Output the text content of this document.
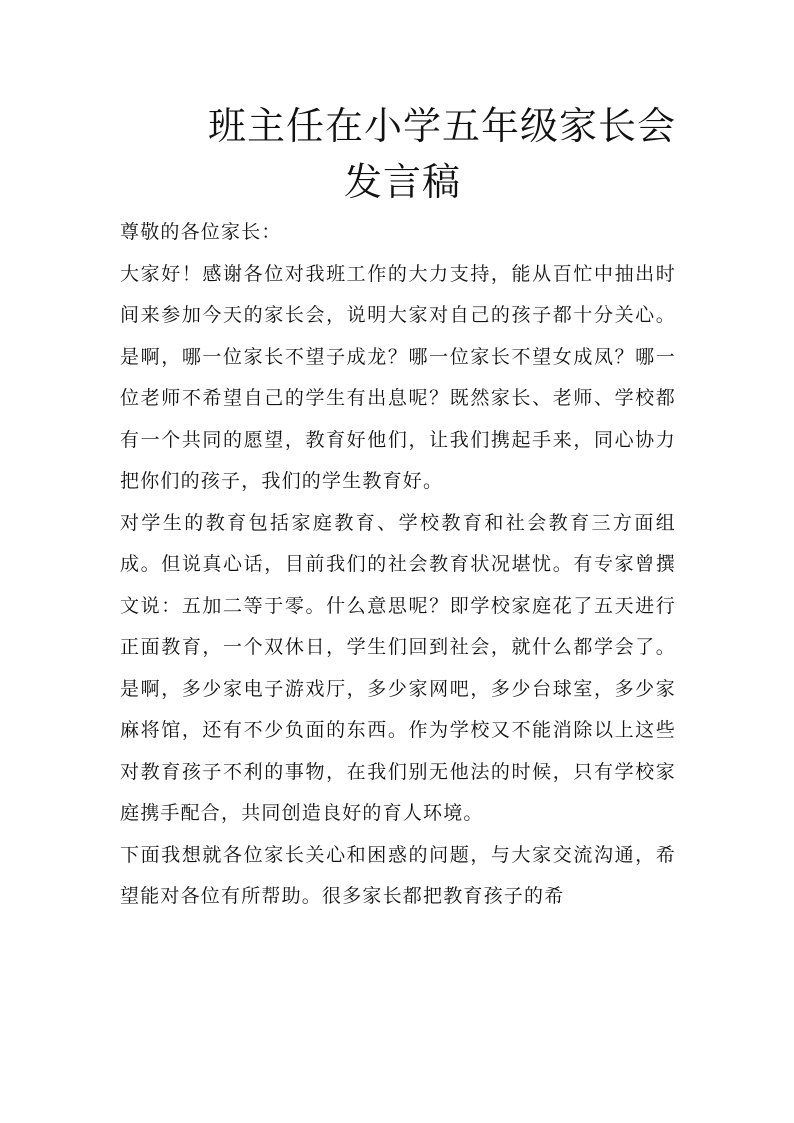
班主任在小学五年级家长会
发言稿

尊敬的各位家长：

大家好！感谢各位对我班工作的大力支持，能从百忙中抽出时间来参加今天的家长会，说明大家对自己的孩子都十分关心。是啊，哪一位家长不望子成龙？哪一位家长不望女成凤？哪一位老师不希望自己的学生有出息呢？既然家长、老师、学校都有一个共同的愿望，教育好他们，让我们携起手来，同心协力把你们的孩子，我们的学生教育好。

对学生的教育包括家庭教育、学校教育和社会教育三方面组成。但说真心话，目前我们的社会教育状况堪忧。有专家曾撰文说：五加二等于零。什么意思呢？即学校家庭花了五天进行正面教育，一个双休日，学生们回到社会，就什么都学会了。是啊，多少家电子游戏厅，多少家网吧，多少台球室，多少家麻将馆，还有不少负面的东西。作为学校又不能消除以上这些对教育孩子不利的事物，在我们别无他法的时候，只有学校家庭携手配合，共同创造良好的育人环境。

下面我想就各位家长关心和困惑的问题，与大家交流沟通，希望能对各位有所帮助。很多家长都把教育孩子的希
